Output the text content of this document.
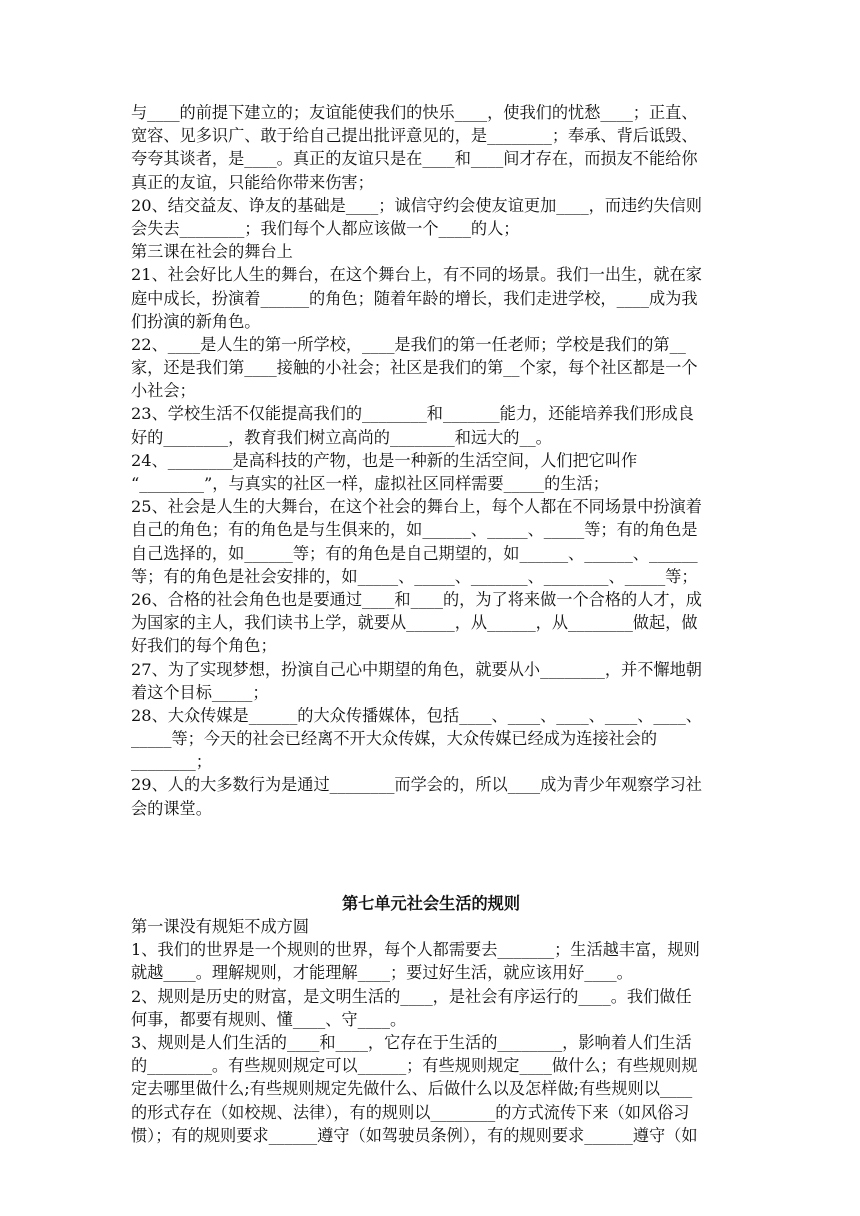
与____的前提下建立的；友谊能使我们的快乐____，使我们的忧愁____；正直、
宽容、见多识广、敢于给自己提出批评意见的，是________；奉承、背后诋毁、
夸夸其谈者，是____。真正的友谊只是在____和____间才存在，而损友不能给你
真正的友谊，只能给你带来伤害；
20、结交益友、诤友的基础是____；诚信守约会使友谊更加____，而违约失信则
会失去________；我们每个人都应该做一个____的人；
第三课在社会的舞台上
21、社会好比人生的舞台，在这个舞台上，有不同的场景。我们一出生，就在家
庭中成长，扮演着______的角色；随着年龄的增长，我们走进学校，____成为我
们扮演的新角色。
22、____是人生的第一所学校，____是我们的第一任老师；学校是我们的第__
家，还是我们第____接触的小社会；社区是我们的第__个家，每个社区都是一个
小社会；
23、学校生活不仅能提高我们的________和_______能力，还能培养我们形成良
好的________，教育我们树立高尚的________和远大的__。
24、________是高科技的产物，也是一种新的生活空间，人们把它叫作
“________”，与真实的社区一样，虚拟社区同样需要_____的生活；
25、社会是人生的大舞台，在这个社会的舞台上，每个人都在不同场景中扮演着
自己的角色；有的角色是与生俱来的，如______、_____、_____等；有的角色是
自己选择的，如______等；有的角色是自己期望的，如______、______、______
等；有的角色是社会安排的，如_____、_____、_______、________、_____等；
26、合格的社会角色也是要通过____和____的，为了将来做一个合格的人才，成
为国家的主人，我们读书上学，就要从______，从______，从________做起，做
好我们的每个角色；
27、为了实现梦想，扮演自己心中期望的角色，就要从小________，并不懈地朝
着这个目标_____；
28、大众传媒是______的大众传播媒体，包括____、____、____、____、____、
_____等；今天的社会已经离不开大众传媒，大众传媒已经成为连接社会的
________；
29、人的大多数行为是通过________而学会的，所以____成为青少年观察学习社
会的课堂。
第七单元社会生活的规则
第一课没有规矩不成方圆
1、我们的世界是一个规则的世界，每个人都需要去_______；生活越丰富，规则
就越____。理解规则，才能理解____；要过好生活，就应该用好____。
2、规则是历史的财富，是文明生活的____，是社会有序运行的____。我们做任
何事，都要有规则、懂____、守____。
3、规则是人们生活的____和____，它存在于生活的________，影响着人们生活
的________。有些规则规定可以______；有些规则规定____做什么；有些规则规
定去哪里做什么;有些规则规定先做什么、后做什么以及怎样做;有些规则以____
的形式存在（如校规、法律），有的规则以________的方式流传下来（如风俗习
惯）；有的规则要求______遵守（如驾驶员条例），有的规则要求______遵守（如
